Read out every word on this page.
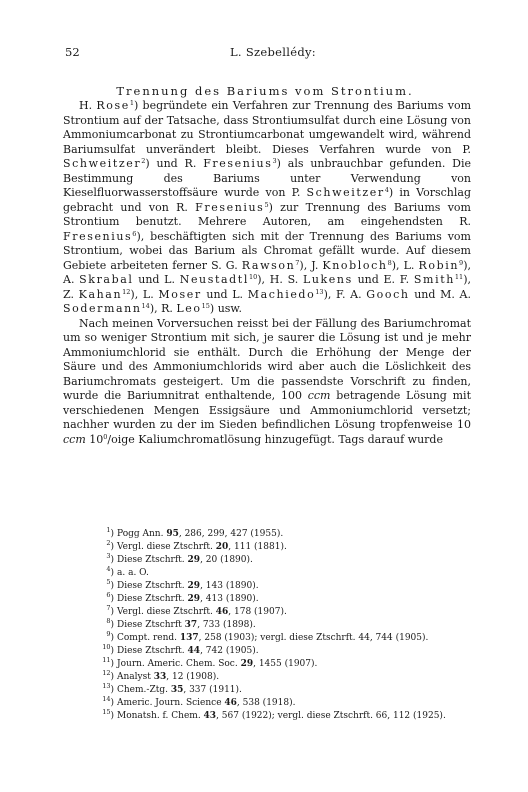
52	L. Szebellédy:
Trennung des Bariums vom Strontium.

H. Rose$^1$) begründete ein Verfahren zur Trennung des Bariums vom Strontium auf der Tatsache, dass Strontiumsulfat durch eine Lösung von Ammoniumcarbonat zu Strontiumcarbonat umgewandelt wird, während Bariumsulfat unverändert bleibt. Dieses Verfahren wurde von P. Schweitzer$^2$) und R. Fresenius$^3$) als unbrauchbar gefunden. Die Bestimmung des Bariums unter Verwendung von Kieselfluorwasserstoffsäure wurde von P. Schweitzer$^4$) in Vorschlag gebracht und von R. Fresenius$^5$) zur Trennung des Bariums vom Strontium benutzt. Mehrere Autoren, am eingehendsten R. Fresenius$^6$), beschäftigten sich mit der Trennung des Bariums vom Strontium, wobei das Barium als Chromat gefällt wurde. Auf diesem Gebiete arbeiteten ferner S. G. Rawson$^7$), J. Knobloch$^8$), L. Robin$^9$), A. Skrabal und L. Neustadtl$^{10}$), H. S. Lukens und E. F. Smith$^{11}$), Z. Kahan$^{12}$), L. Moser und L. Machiedo$^{13}$), F. A. Gooch und M. A. Sodermann$^{14}$), R. Leo$^{15}$) usw.

Nach meinen Vorversuchen reisst bei der Fällung des Bariumchromat um so weniger Strontium mit sich, je saurer die Lösung ist und je mehr Ammoniumchlorid sie enthält. Durch die Erhöhung der Menge der Säure und des Ammoniumchlorids wird aber auch die Löslichkeit des Bariumchromats gesteigert. Um die passendste Vorschrift zu finden, wurde die Bariumnitrat enthaltende, 100 ccm betragende Lösung mit verschiedenen Mengen Essigsäure und Ammoniumchlorid versetzt; nachher wurden zu der im Sieden befindlichen Lösung tropfenweise 10 ccm $10^0$/oige Kaliumchromatlösung hinzugefügt. Tags darauf wurde

$^1$) Pogg Ann. 95, 286, 299, 427 (1955).
$^2$) Vergl. diese Ztschrft. 20, 111 (1881).
$^3$) Diese Ztschrft. 29, 20 (1890).
$^4$) a. a. O.
$^5$) Diese Ztschrft. 29, 143 (1890).
$^6$) Diese Ztschrft. 29, 413 (1890).
$^7$) Vergl. diese Ztschrft. 46, 178 (1907).
$^8$) Diese Ztschrft 37, 733 (1898).
$^9$) Compt. rend. 137, 258 (1903); vergl. diese Ztschrft. 44, 744 (1905).
$^{10}$) Diese Ztschrft. 44, 742 (1905).
$^{11}$) Journ. Americ. Chem. Soc. 29, 1455 (1907).
$^{12}$) Analyst 33, 12 (1908).
$^{13}$) Chem.-Ztg. 35, 337 (1911).
$^{14}$) Americ. Journ. Science 46, 538 (1918).
$^{15}$) Monatsh. f. Chem. 43, 567 (1922); vergl. diese Ztschrft. 66, 112 (1925).
